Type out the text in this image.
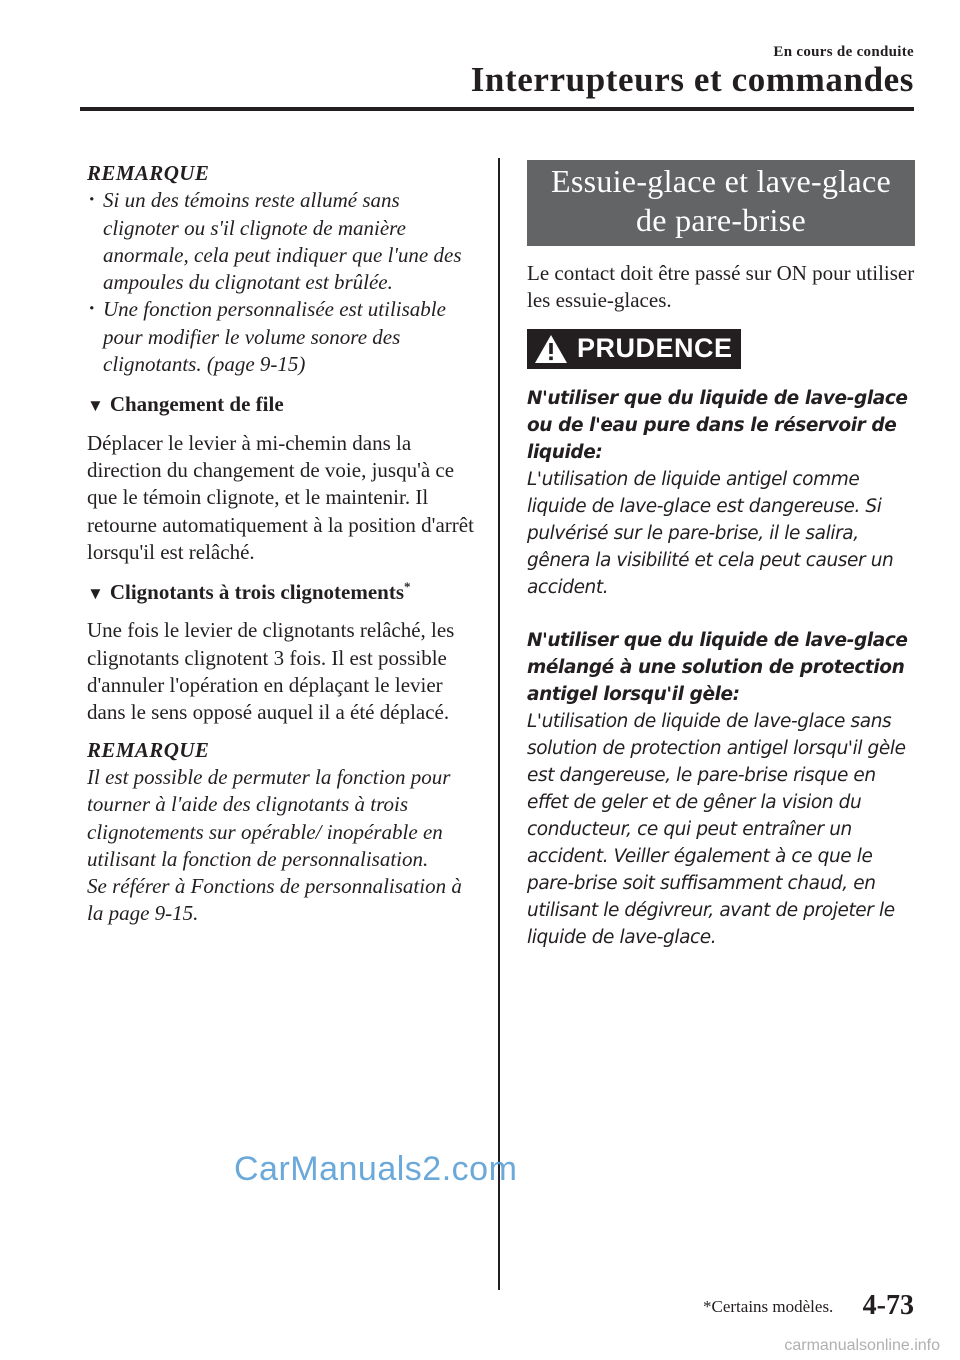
En cours de conduite
Interrupteurs et commandes
REMARQUE
· Si un des témoins reste allumé sans clignoter ou s'il clignote de manière anormale, cela peut indiquer que l'une des ampoules du clignotant est brûlée.
· Une fonction personnalisée est utilisable pour modifier le volume sonore des clignotants. (page 9-15)
▼ Changement de file
Déplacer le levier à mi-chemin dans la direction du changement de voie, jusqu'à ce que le témoin clignote, et le maintenir. Il retourne automatiquement à la position d'arrêt lorsqu'il est relâché.
▼ Clignotants à trois clignotements*
Une fois le levier de clignotants relâché, les clignotants clignotent 3 fois. Il est possible d'annuler l'opération en déplaçant le levier dans le sens opposé auquel il a été déplacé.
REMARQUE
Il est possible de permuter la fonction pour tourner à l'aide des clignotants à trois clignotements sur opérable/ inopérable en utilisant la fonction de personnalisation.
Se référer à Fonctions de personnalisation à la page 9-15.
Essuie-glace et lave-glace de pare-brise
Le contact doit être passé sur ON pour utiliser les essuie-glaces.
PRUDENCE
N'utiliser que du liquide de lave-glace ou de l'eau pure dans le réservoir de liquide:
L'utilisation de liquide antigel comme liquide de lave-glace est dangereuse. Si pulvérisé sur le pare-brise, il le salira, gênera la visibilité et cela peut causer un accident.
N'utiliser que du liquide de lave-glace mélangé à une solution de protection antigel lorsqu'il gèle:
L'utilisation de liquide de lave-glace sans solution de protection antigel lorsqu'il gèle est dangereuse, le pare-brise risque en effet de geler et de gêner la vision du conducteur, ce qui peut entraîner un accident. Veiller également à ce que le pare-brise soit suffisamment chaud, en utilisant le dégivreur, avant de projeter le liquide de lave-glace.
CarManuals2.com
*Certains modèles. 4-73
carmanualsonline.info
